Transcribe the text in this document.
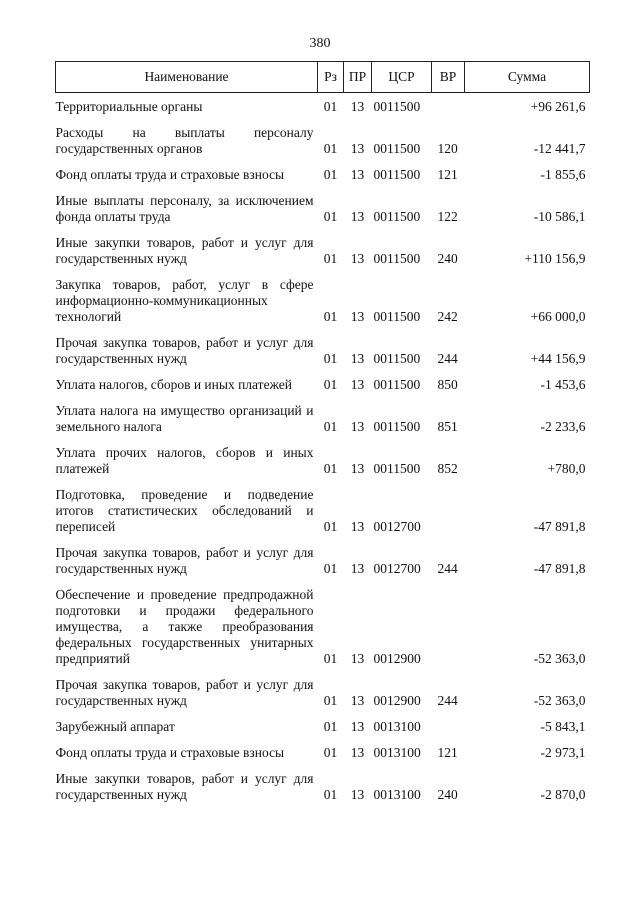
380
Наименование	Рз	ПР	ЦСР	ВР	Сумма
Территориальные органы	01	13	0011500		+96 261,6
Расходы на выплаты персоналу государственных органов	01	13	0011500	120	-12 441,7
Фонд оплаты труда и страховые взносы	01	13	0011500	121	-1 855,6
Иные выплаты персоналу, за исключением фонда оплаты труда	01	13	0011500	122	-10 586,1
Иные закупки товаров, работ и услуг для государственных нужд	01	13	0011500	240	+110 156,9
Закупка товаров, работ, услуг в сфере информационно-коммуникационных технологий	01	13	0011500	242	+66 000,0
Прочая закупка товаров, работ и услуг для государственных нужд	01	13	0011500	244	+44 156,9
Уплата налогов, сборов и иных платежей	01	13	0011500	850	-1 453,6
Уплата налога на имущество организаций и земельного налога	01	13	0011500	851	-2 233,6
Уплата прочих налогов, сборов и иных платежей	01	13	0011500	852	+780,0
Подготовка, проведение и подведение итогов статистических обследований и переписей	01	13	0012700		-47 891,8
Прочая закупка товаров, работ и услуг для государственных нужд	01	13	0012700	244	-47 891,8
Обеспечение и проведение предпродажной подготовки и продажи федерального имущества, а также преобразования федеральных государственных унитарных предприятий	01	13	0012900		-52 363,0
Прочая закупка товаров, работ и услуг для государственных нужд	01	13	0012900	244	-52 363,0
Зарубежный аппарат	01	13	0013100		-5 843,1
Фонд оплаты труда и страховые взносы	01	13	0013100	121	-2 973,1
Иные закупки товаров, работ и услуг для государственных нужд	01	13	0013100	240	-2 870,0
